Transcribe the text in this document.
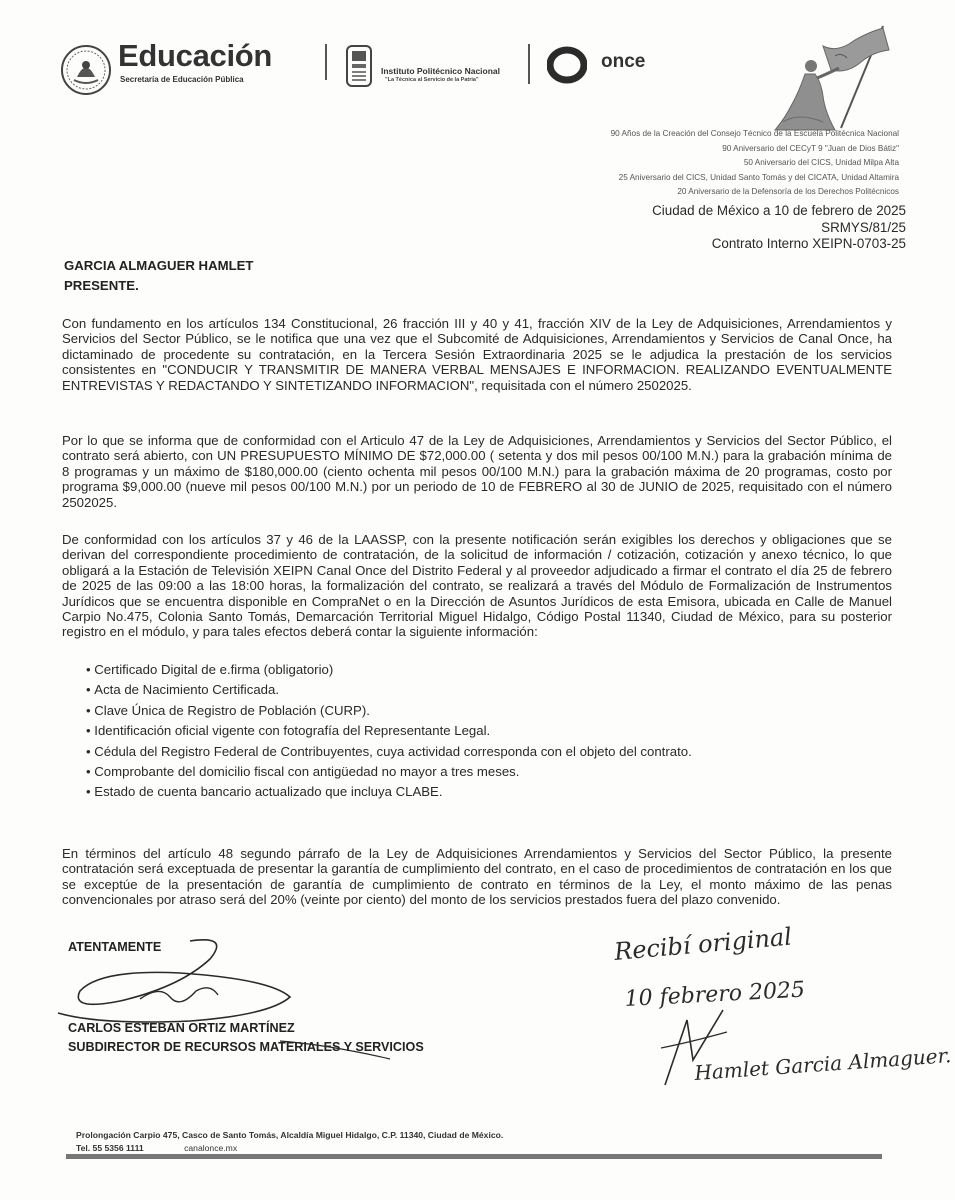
Educación
Secretaría de Educación Pública
Instituto Politécnico Nacional
"La Técnica al Servicio de la Patria"
once
90 Años de la Creación del Consejo Técnico de la Escuela Politécnica Nacional
90 Aniversario del CECyT 9 "Juan de Dios Bátiz"
50 Aniversario del CICS, Unidad Milpa Alta
25 Aniversario del CICS, Unidad Santo Tomás y del CICATA, Unidad Altamira
20 Aniversario de la Defensoría de los Derechos Politécnicos
Ciudad de México a 10 de febrero de 2025
SRMYS/81/25
Contrato Interno XEIPN-0703-25
GARCIA ALMAGUER HAMLET
PRESENTE.
Con fundamento en los artículos 134 Constitucional, 26 fracción III y 40 y 41, fracción XIV de la Ley de Adquisiciones, Arrendamientos y Servicios del Sector Público, se le notifica que una vez que el Subcomité de Adquisiciones, Arrendamientos y Servicios de Canal Once, ha dictaminado de procedente su contratación, en la Tercera Sesión Extraordinaria 2025 se le adjudica la prestación de los servicios consistentes en "CONDUCIR Y TRANSMITIR DE MANERA VERBAL MENSAJES E INFORMACION. REALIZANDO EVENTUALMENTE ENTREVISTAS Y REDACTANDO Y SINTETIZANDO INFORMACION", requisitada con el número 2502025.
Por lo que se informa que de conformidad con el Articulo 47 de la Ley de Adquisiciones, Arrendamientos y Servicios del Sector Público, el contrato será abierto, con UN PRESUPUESTO MÍNIMO DE $72,000.00 ( setenta y dos mil pesos 00/100 M.N.) para la grabación mínima de 8 programas y un máximo de $180,000.00 (ciento ochenta mil pesos 00/100 M.N.) para la grabación máxima de 20 programas, costo por programa $9,000.00 (nueve mil pesos 00/100 M.N.) por un periodo de 10 de FEBRERO al 30 de JUNIO de 2025, requisitado con el número 2502025.
De conformidad con los artículos 37 y 46 de la LAASSP, con la presente notificación serán exigibles los derechos y obligaciones que se derivan del correspondiente procedimiento de contratación, de la solicitud de información / cotización, cotización y anexo técnico, lo que obligará a la Estación de Televisión XEIPN Canal Once del Distrito Federal y al proveedor adjudicado a firmar el contrato el día 25 de febrero de 2025 de las 09:00 a las 18:00 horas, la formalización del contrato, se realizará a través del Módulo de Formalización de Instrumentos Jurídicos que se encuentra disponible en CompraNet o en la Dirección de Asuntos Jurídicos de esta Emisora, ubicada en Calle de Manuel Carpio No.475, Colonia Santo Tomás, Demarcación Territorial Miguel Hidalgo, Código Postal 11340, Ciudad de México, para su posterior registro en el módulo, y para tales efectos deberá contar la siguiente información:
• Certificado Digital de e.firma (obligatorio)
• Acta de Nacimiento Certificada.
• Clave Única de Registro de Población (CURP).
• Identificación oficial vigente con fotografía del Representante Legal.
• Cédula del Registro Federal de Contribuyentes, cuya actividad corresponda con el objeto del contrato.
• Comprobante del domicilio fiscal con antigüedad no mayor a tres meses.
• Estado de cuenta bancario actualizado que incluya CLABE.
En términos del artículo 48 segundo párrafo de la Ley de Adquisiciones Arrendamientos y Servicios del Sector Público, la presente contratación será exceptuada de presentar la garantía de cumplimiento del contrato, en el caso de procedimientos de contratación en los que se exceptúe de la presentación de garantía de cumplimiento de contrato en términos de la Ley, el monto máximo de las penas convencionales por atraso será del 20% (veinte por ciento) del monto de los servicios prestados fuera del plazo convenido.
ATENTAMENTE
CARLOS ESTEBAN ORTIZ MARTÍNEZ
SUBDIRECTOR DE RECURSOS MATERIALES Y SERVICIOS
Recibí original
10 febrero 2025
Hamlet Garcia Almaguer.
Prolongación Carpio 475, Casco de Santo Tomás, Alcaldía Miguel Hidalgo, C.P. 11340, Ciudad de México.
Tel. 55 5356 1111	canalonce.mx
